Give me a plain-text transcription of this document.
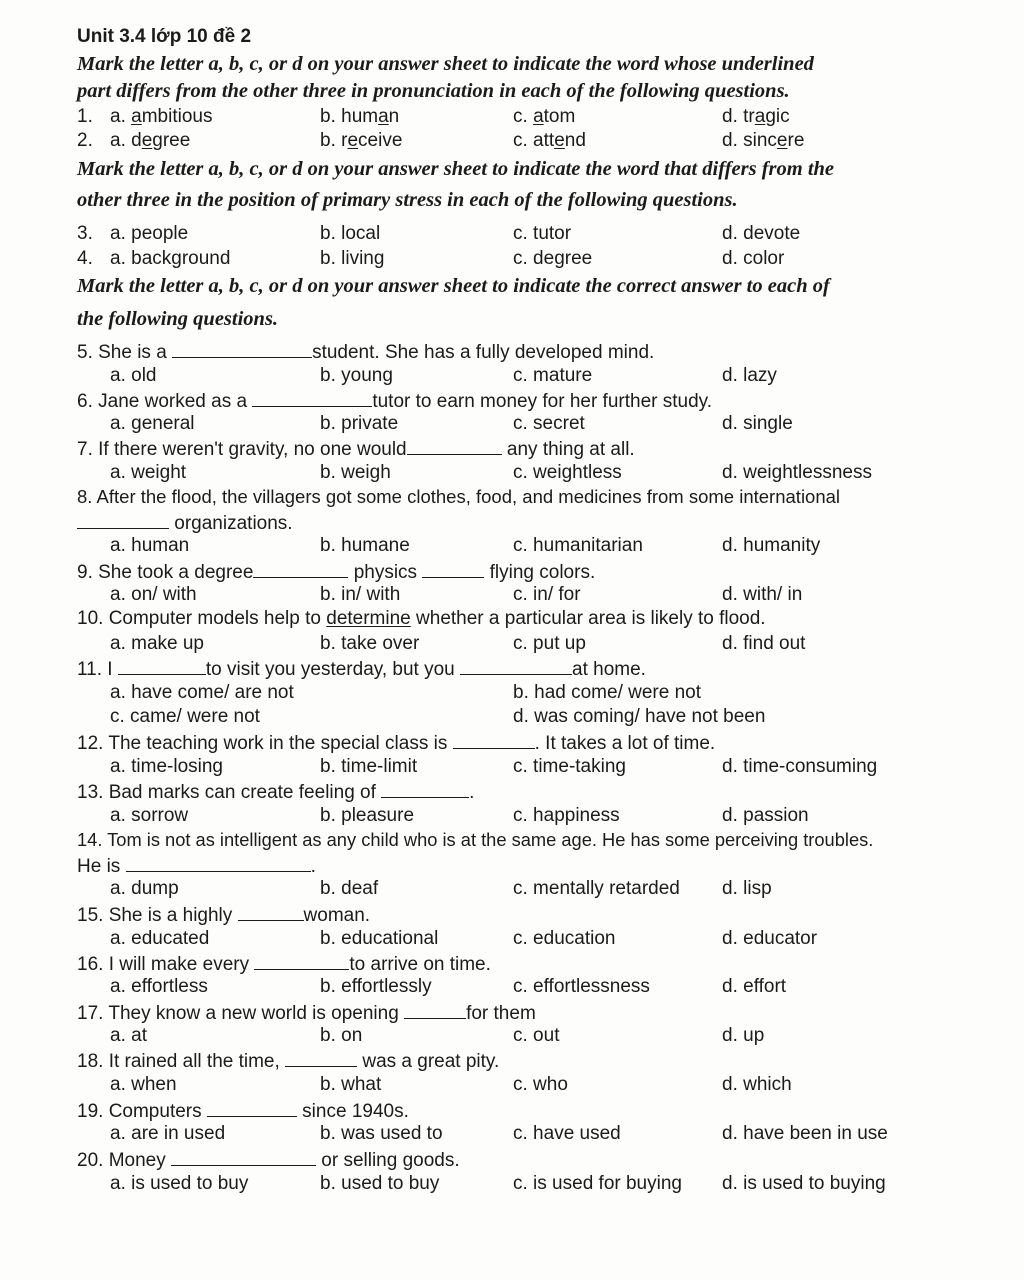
Unit 3.4 lớp 10 đề 2
Mark the letter a, b, c, or d on your answer sheet to indicate the word whose underlined
part differs from the other three in pronunciation in each of the following questions.
1. a. ambitious	b. human	c. atom	d. tragic
2. a. degree	b. receive	c. attend	d. sincere
Mark the letter a, b, c, or d on your answer sheet to indicate the word that differs from the
other three in the position of primary stress in each of the following questions.
3. a. people	b. local	c. tutor	d. devote
4. a. background	b. living	c. degree	d. color
Mark the letter a, b, c, or d on your answer sheet to indicate the correct answer to each of
the following questions.
5. She is a	student. She has a fully developed mind.
a. old	b. young	c. mature	d. lazy
6. Jane worked as a	tutor to earn money for her further study.
a. general	b. private	c. secret	d. single
7. If there weren't gravity, no one would	any thing at all.
a. weight	b. weigh	c. weightless	d. weightlessness
8. After the flood, the villagers got some clothes, food, and medicines from some international
organizations.
a. human	b. humane	c. humanitarian	d. humanity
9. She took a degree	physics	flying colors.
a. on/ with	b. in/ with	c. in/ for	d. with/ in
10. Computer models help to determine whether a particular area is likely to flood.
a. make up	b. take over	c. put up	d. find out
11. I	to visit you yesterday, but you	at home.
a. have come/ are not	b. had come/ were not
c. came/ were not	d. was coming/ have not been
12. The teaching work in the special class is	. It takes a lot of time.
a. time-losing	b. time-limit	c. time-taking	d. time-consuming
13. Bad marks can create feeling of	.
a. sorrow	b. pleasure	c. happiness	d. passion
14. Tom is not as intelligent as any child who is at the same age. He has some perceiving troubles.
He is	.
a. dump	b. deaf	c. mentally retarded d. lisp
15. She is a highly	woman.
a. educated	b. educational	c. education	d. educator
16. I will make every	to arrive on time.
a. effortless	b. effortlessly	c. effortlessness	d. effort
17. They know a new world is opening	for them
a. at	b. on	c. out	d. up
18. It rained all the time,	was a great pity.
a. when	b. what	c. who	d. which
19. Computers	since 1940s.
a. are in used	b. was used to	c. have used	d. have been in use
20. Money	or selling goods.
a. is used to buy	b. used to buy	c. is used for buying d. is used to buying
